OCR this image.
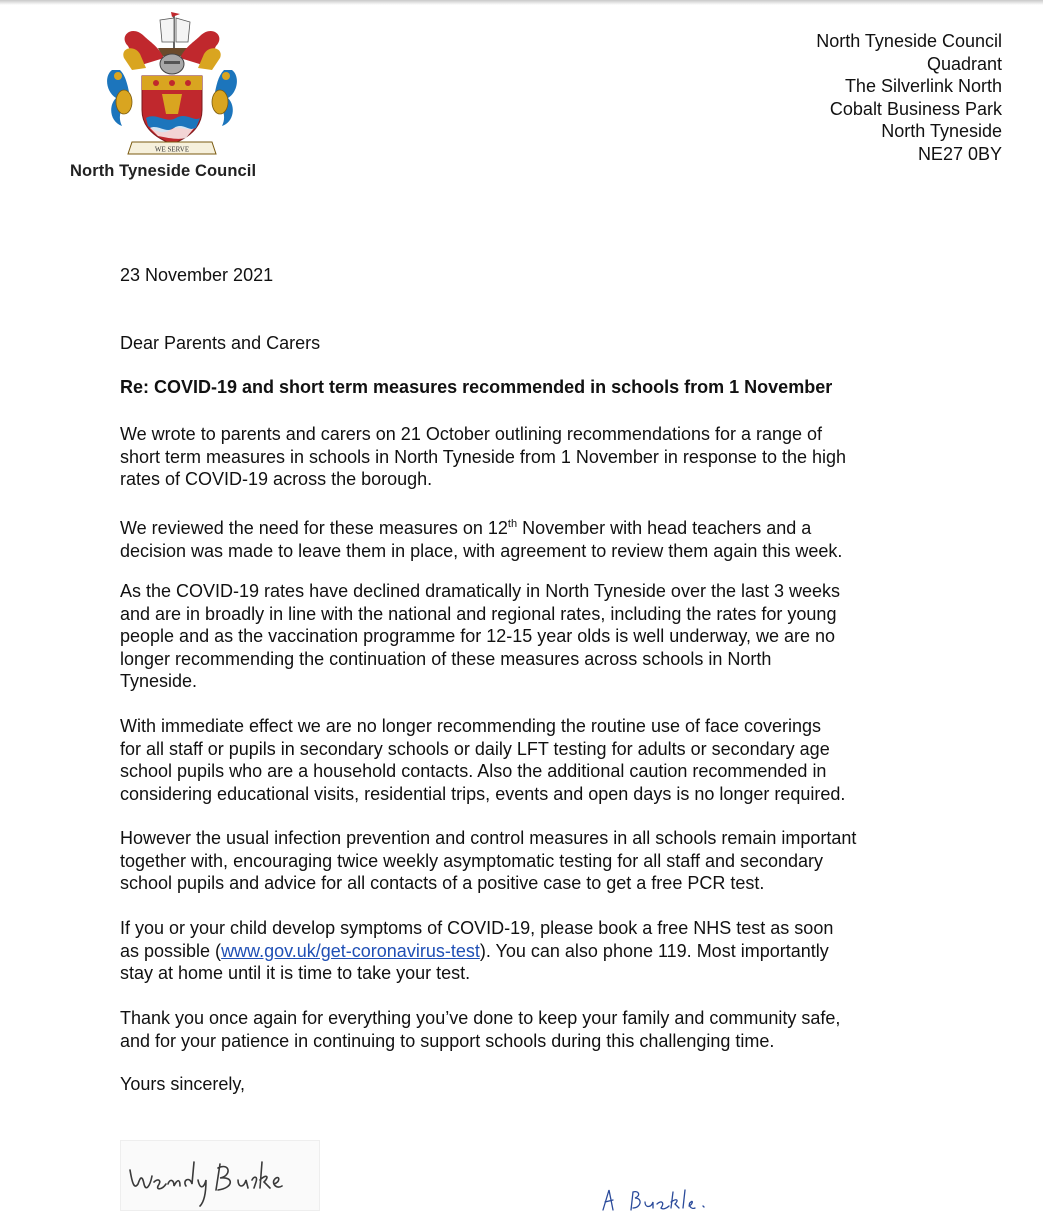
WE SERVE
North Tyneside Council
North Tyneside Council
Quadrant
The Silverlink North
Cobalt Business Park
North Tyneside
NE27 0BY
23 November 2021
Dear Parents and Carers
Re: COVID-19 and short term measures recommended in schools from 1 November
We wrote to parents and carers on 21 October outlining recommendations for a range of
short term measures in schools in North Tyneside from 1 November in response to the high
rates of COVID-19 across the borough.
We reviewed the need for these measures on 12th November with head teachers and a
decision was made to leave them in place, with agreement to review them again this week.
As the COVID-19 rates have declined dramatically in North Tyneside over the last 3 weeks
and are in broadly in line with the national and regional rates, including the rates for young
people and as the vaccination programme for 12-15 year olds is well underway, we are no
longer recommending the continuation of these measures across schools in North
Tyneside.
With immediate effect we are no longer recommending the routine use of face coverings
for all staff or pupils in secondary schools or daily LFT testing for adults or secondary age
school pupils who are a household contacts. Also the additional caution recommended in
considering educational visits, residential trips, events and open days is no longer required.
However the usual infection prevention and control measures in all schools remain important
together with, encouraging twice weekly asymptomatic testing for all staff and secondary
school pupils and advice for all contacts of a positive case to get a free PCR test.
If you or your child develop symptoms of COVID-19, please book a free NHS test as soon
as possible (www.gov.uk/get-coronavirus-test). You can also phone 119. Most importantly
stay at home until it is time to take your test.
Thank you once again for everything you’ve done to keep your family and community safe,
and for your patience in continuing to support schools during this challenging time.
Yours sincerely,
